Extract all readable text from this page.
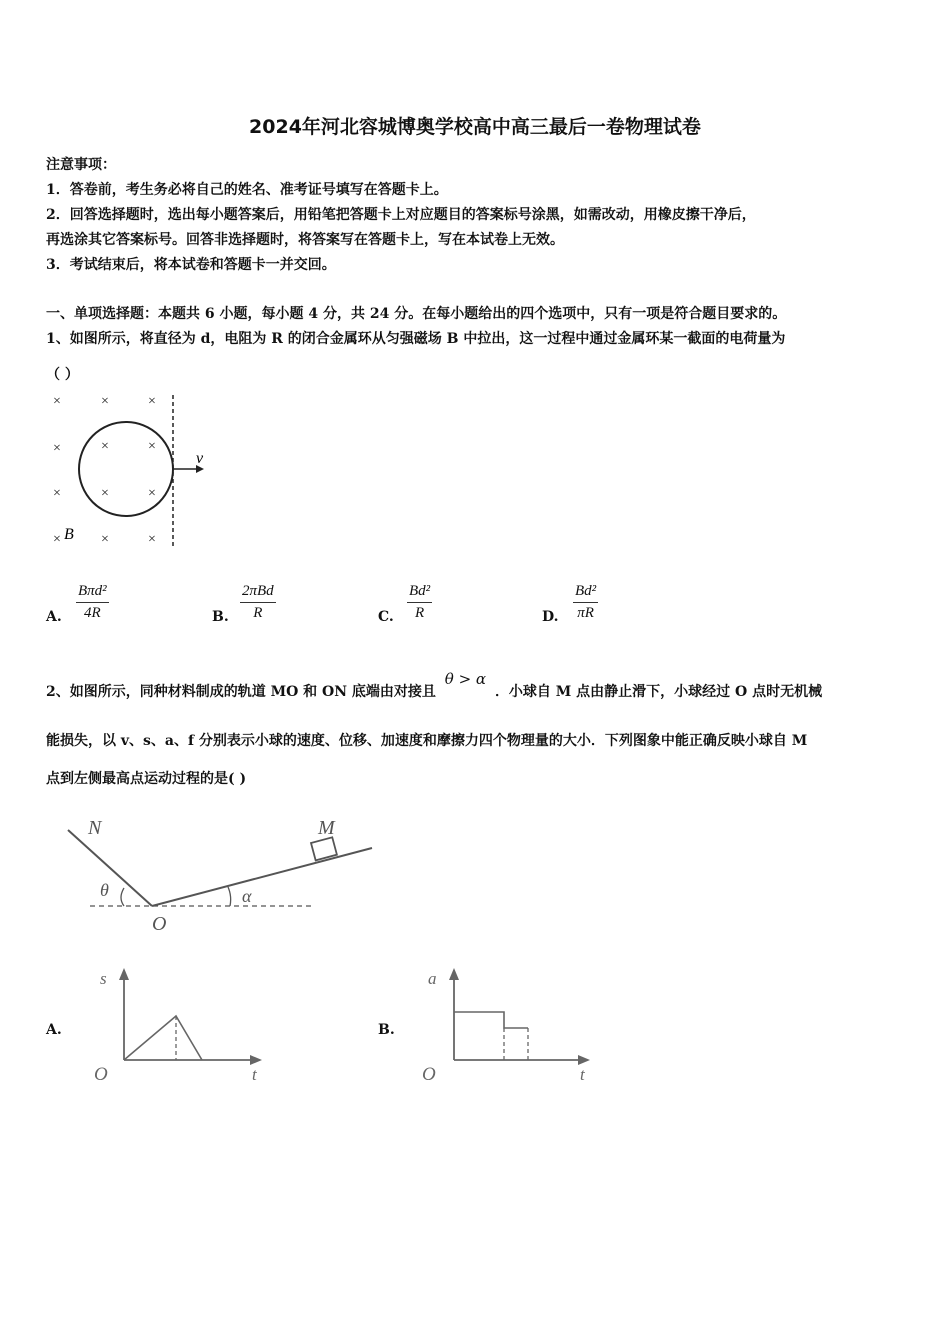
2024年河北容城博奥学校高中高三最后一卷物理试卷
注意事项：
1．答卷前，考生务必将自己的姓名、准考证号填写在答题卡上。
2．回答选择题时，选出每小题答案后，用铅笔把答题卡上对应题目的答案标号涂黑，如需改动，用橡皮擦干净后，
再选涂其它答案标号。回答非选择题时，将答案写在答题卡上，写在本试卷上无效。
3．考试结束后，将本试卷和答题卡一并交回。
一、单项选择题：本题共 6 小题，每小题 4 分，共 24 分。在每小题给出的四个选项中，只有一项是符合题目要求的。
1、如图所示，将直径为 d，电阻为 R 的闭合金属环从匀强磁场 B 中拉出，这一过程中通过金属环某一截面的电荷量为
（ ）
×	×	×
×	×	×
×	×	×
×	×	×
v
B
A.
Bπd²
4R	B.
2πBd
R	C. $\frac{\text{Bd²}}{R}$	D. $\frac{\text{Bd²}}{\pi R}$
2、如图所示，同种材料制成的轨道 MO 和 ON 底端由对接且 θ > α ．小球自 M 点由静止滑下，小球经过 O 点时无机械
能损失，以 v、s、a、f 分别表示小球的速度、位移、加速度和摩擦力四个物理量的大小．下列图象中能正确反映小球自 M
点到左侧最高点运动过程的是( )
N	M
θ	α
O
A.
s
t
O
B.
a
t
O
